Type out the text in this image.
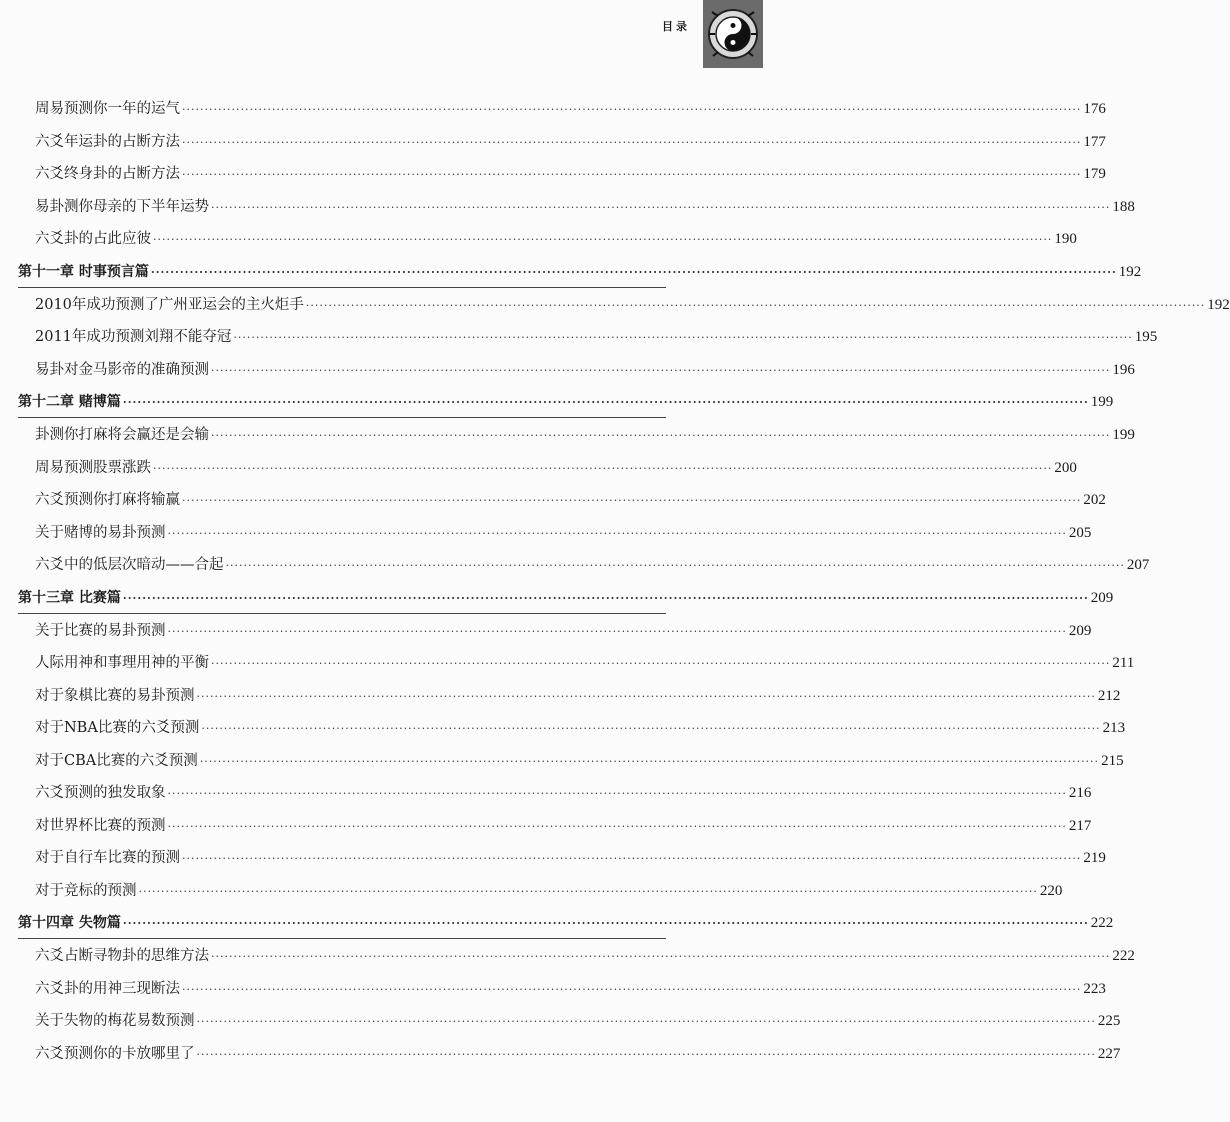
目录
周易预测你一年的运气 ········································································································································································································ 176
六爻年运卦的占断方法 ········································································································································································································ 177
六爻终身卦的占断方法 ········································································································································································································ 179
易卦测你母亲的下半年运势 ········································································································································································································ 188
六爻卦的占此应彼 ········································································································································································································ 190
第十一章 时事预言篇 ········································································································································································································ 192
2010年成功预测了广州亚运会的主火炬手 ········································································································································································································ 192
2011年成功预测刘翔不能夺冠 ········································································································································································································ 195
易卦对金马影帝的准确预测 ········································································································································································································ 196
第十二章 赌博篇 ········································································································································································································ 199
卦测你打麻将会赢还是会输 ········································································································································································································ 199
周易预测股票涨跌 ········································································································································································································ 200
六爻预测你打麻将输赢 ········································································································································································································ 202
关于赌博的易卦预测 ········································································································································································································ 205
六爻中的低层次暗动——合起 ········································································································································································································ 207
第十三章 比赛篇 ········································································································································································································ 209
关于比赛的易卦预测 ········································································································································································································ 209
人际用神和事理用神的平衡 ········································································································································································································ 211
对于象棋比赛的易卦预测 ········································································································································································································ 212
对于NBA比赛的六爻预测 ········································································································································································································ 213
对于CBA比赛的六爻预测 ········································································································································································································ 215
六爻预测的独发取象 ········································································································································································································ 216
对世界杯比赛的预测 ········································································································································································································ 217
对于自行车比赛的预测 ········································································································································································································ 219
对于竞标的预测 ········································································································································································································ 220
第十四章 失物篇 ········································································································································································································ 222
六爻占断寻物卦的思维方法 ········································································································································································································ 222
六爻卦的用神三现断法 ········································································································································································································ 223
关于失物的梅花易数预测 ········································································································································································································ 225
六爻预测你的卡放哪里了 ········································································································································································································ 227
